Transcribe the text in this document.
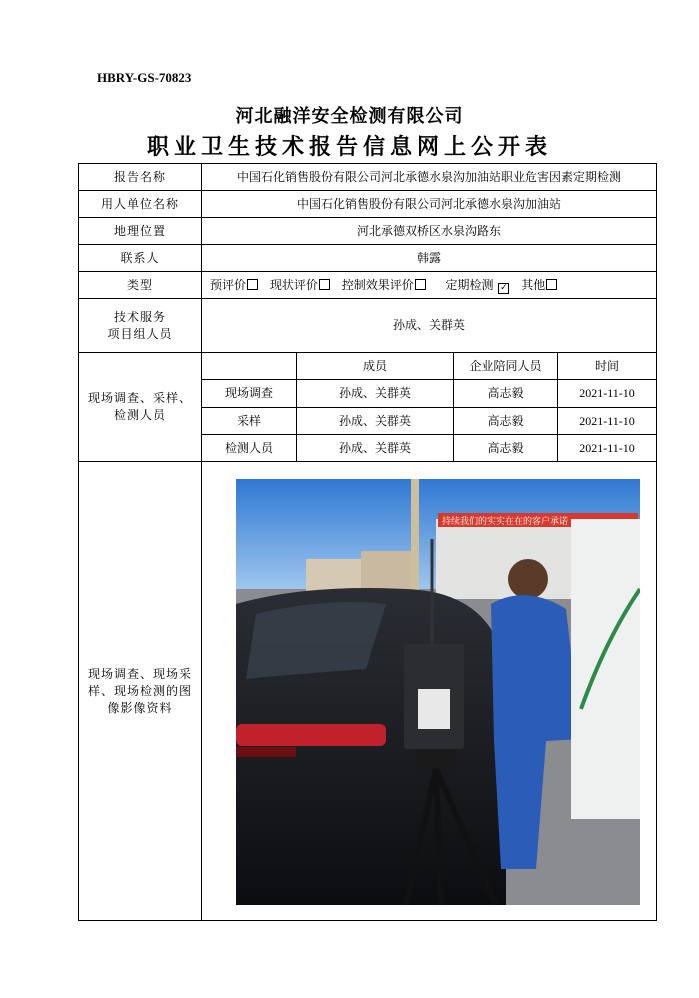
HBRY-GS-70823
河北融洋安全检测有限公司
职业卫生技术报告信息网上公开表
报告名称	中国石化销售股份有限公司河北承德水泉沟加油站职业危害因素定期检测			
用人单位名称	中国石化销售股份有限公司河北承德水泉沟加油站			
地理位置	河北承德双桥区水泉沟路东			
联系人	韩露			
类型	预评价 现状评价 控制效果评价 定期检测 ✓ 其他			

技术服务
项目组人员	孙成、关群英			

现场调查、采样、
检测人员		成员	企业陪同人员	时间
	现场调查	孙成、关群英	高志毅	2021-11-10
	采样	孙成、关群英	高志毅	2021-11-10
	检测人员	孙成、关群英	高志毅	2021-11-10

现场调查、现场采
样、现场检测的图
像影像资料	持续我们的实实在在的客户承诺			
